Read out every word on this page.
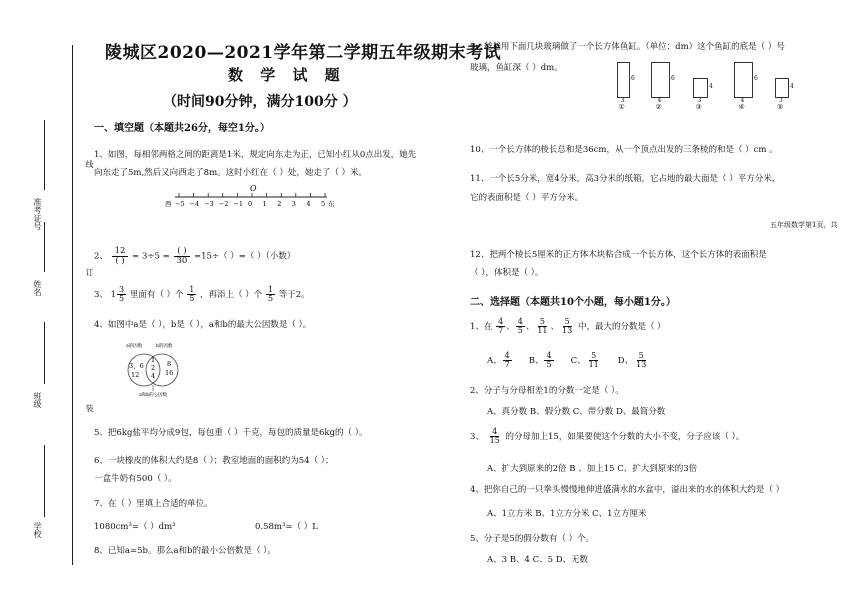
线
订
装
准考证号
姓名
班级
学校
陵城区2020—2021学年第二学期五年级期末考试
数 学 试 题
（时间90分钟，满分100分 ）
一、填空题（本题共26分，每空1分。）
1、如图，每相邻两格之间的距离是1米，规定向东走为正，已知小红从0点出发，她先
向东走了5m,然后又向西走了8m。这时小红在（ ）处，她走了（ ）米。
O
−5 −4 −3 −2 −1 0 1 2 3 4 5
西	东
2、
12
( ) = 3÷5 =
( )
30 =15÷（ ）=（ ）（小数）
3、 1 3
5 里面有（ ）个 $\frac{1}{5}$ ，再添上（ ）个 $\frac{1}{5}$ 等于2。
4、如图中a是（ ），b是（ ），a和b的最大公因数是（ ）。
a的因数	b的因数
3，6 12
1 2 4
8 16
a和b的公因数
5、把6kg盐平均分成9包，每包重（ ）千克，每包的质量是6kg的（ ）。
6、一块橡皮的体积大约是8（ ）；教室地面的面积约为54（ ）；
一盒牛奶有500（ ）。
7、在（ ）里填上合适的单位。
1080cm³=（ ）dm³	0.58m³=（ ）L
8、已知a=5b。那么a和b的最小公倍数是（ ）。
9、爸爸用下面几块玻璃做了一个长方体鱼缸。（单位：dm）这个鱼缸的底是（ ）号
玻璃，鱼缸深（ ）dm。
6
3
①
6
4
②
4
3
③
6
4
④
4
3
⑤
10、一个长方体的棱长总和是36cm，从一个顶点出发的三条棱的和是（ ）cm 。
11、一个长5分米，宽4分米，高3分米的纸箱，它占地的最大面是（ ）平方分米，
它的表面积是（ ）平方分米。
五年级数学第1页，共
12、把两个棱长5厘米的正方体木块粘合成一个长方体，这个长方体的表面积是
（ ），体积是（ ）。
二、选择题（本题共10个小题，每小题1分。）
1、在 $\frac{4}{7}$ 、 $\frac{4}{5}$ 、 $\frac{5}{11}$ 、 $\frac{5}{13}$ 中，最大的分数是（ ）
A、 $\frac{4}{7}$ B、 $\frac{4}{5}$ C、 $\frac{5}{11}$ D、 $\frac{5}{13}$
2、分子与分母相差1的分数一定是（ ）。
A、真分数 B、假分数 C、带分数 D、最简分数
3、 $\frac{4}{15}$ 的分母加上15，如果要使这个分数的大小不变，分子应该（ ）。
A、扩大到原来的2倍 B 、加上15 C、扩大到原来的3倍
4、把你自己的一只拳头慢慢地伸进盛满水的水盆中，溢出来的水的体积大约是（ ）
A、1立方米 B、1立方分米 C、1立方厘米
5、分子是5的假分数有（ ）个。
A、3 B、4 C、5 D、无数
